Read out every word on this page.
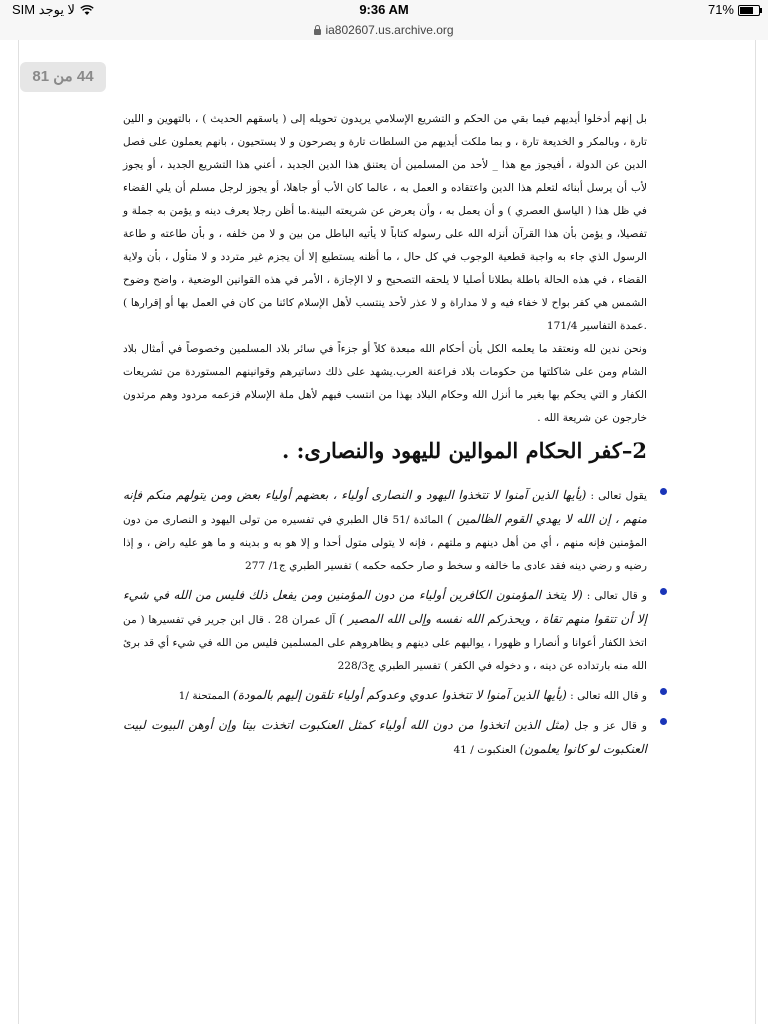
لا يوجد SIM	9:36 AM	71%
ia802607.us.archive.org
44 من 81

بل إنهم أدخلوا أيديهم فيما بقي من الحكم و التشريع الإسلامي يريدون تحويله إلى ( ياسقهم الحديث ) ، بالتهوين و اللين تارة ، وبالمكر و الخديعة تارة ، و بما ملكت أيديهم من السلطات تارة و يصرحون و لا يستحيون ، بانهم يعملون على فصل الدين عن الدولة ، أفيجوز مع هذا _ لأحد من المسلمين أن يعتنق هذا الدين الجديد ، أعني هذا التشريع الجديد ، أو يجوز لأب أن يرسل أبنائه لتعلم هذا الدين واعتقاده و العمل به ، عالما كان الأب أو جاهلا، أو يجوز لرجل مسلم أن يلي القضاء في ظل هذا ( الياسق العصري ) و أن يعمل به ، وأن يعرض عن شريعته البينة.ما أظن رجلا يعرف دينه و يؤمن به جملة و تفصيلا، و يؤمن بأن هذا القرآن أنزله الله على رسوله كتاباً لا يأتيه الباطل من بين و لا من خلفه ، و بأن طاعته و طاعة الرسول الذي جاء به واجبة قطعية الوجوب في كل حال ، ما أظنه يستطيع إلا أن يجزم غير متردد و لا متأول ، بأن ولاية القضاء ، في هذه الحالة باطلة بطلانا أصليا لا يلحقه التصحيح و لا الإجازة ، الأمر في هذه القوانين الوضعية ، واضح وضوح الشمس هي كفر بواح لا خفاء فيه و لا مداراة و لا عذر لأحد ينتسب لأهل الإسلام كائنا من كان في العمل بها أو إقرارها ) .عمدة التفاسير 171/4

ونحن ندين لله ونعتقد ما يعلمه الكل بأن أحكام الله مبعدة كلاً أو جزءاً في سائر بلاد المسلمين وخصوصاً في أمثال بلاد الشام ومن على شاكلتها من حكومات بلاد فراعنة العرب.يشهد على ذلك دساتيرهم وقوانينهم المستوردة من تشريعات الكفار و التي يحكم بها بغير ما أنزل الله وحكام البلاد بهذا من انتسب فيهم لأهل ملة الإسلام فزعمه مردود وهم مرتدون خارجون عن شريعة الله .

2–كفر الحكام الموالين لليهود والنصارى: .

يقول تعالى : (يأيها الذين آمنوا لا تتخذوا اليهود و النصارى أولياء ، بعضهم أولياء بعض ومن يتولهم منكم فإنه منهم ، إن الله لا يهدي القوم الظالمين ) المائدة /51 قال الطبري في تفسيره من تولى اليهود و النصارى من دون المؤمنين فإنه منهم ، أي من أهل دينهم و ملتهم ، فإنه لا يتولى متول أحدا و إلا هو به و بدينه و ما هو عليه راض ، و إذا رضيه و رضي دينه فقد عادى ما خالفه و سخط و صار حكمه حكمه ) تفسير الطبري ج1/ 277

و قال تعالى : (لا يتخذ المؤمنون الكافرين أولياء من دون المؤمنين ومن يفعل ذلك فليس من الله في شيء إلا أن تتقوا منهم تقاة ، ويحذركم الله نفسه وإلى الله المصير ) آل عمران 28 . قال ابن جرير في تفسيرها ( من اتخذ الكفار أعوانا و أنصارا و ظهورا ، يواليهم على دينهم و يظاهروهم على المسلمين فليس من الله في شيء أي قد برئ الله منه بارتداده عن دينه ، و دخوله في الكفر ) تفسير الطبري ج228/3

و قال الله تعالى : (يأيها الذين آمنوا لا تتخذوا عدوي وعدوكم أولياء تلقون إليهم بالمودة) الممتحنة /1

و قال عز و جل (مثل الذين اتخذوا من دون الله أولياء كمثل العنكبوت اتخذت بيتا وإن أوهن البيوت لبيت العنكبوت لو كانوا يعلمون) العنكبوت / 41
